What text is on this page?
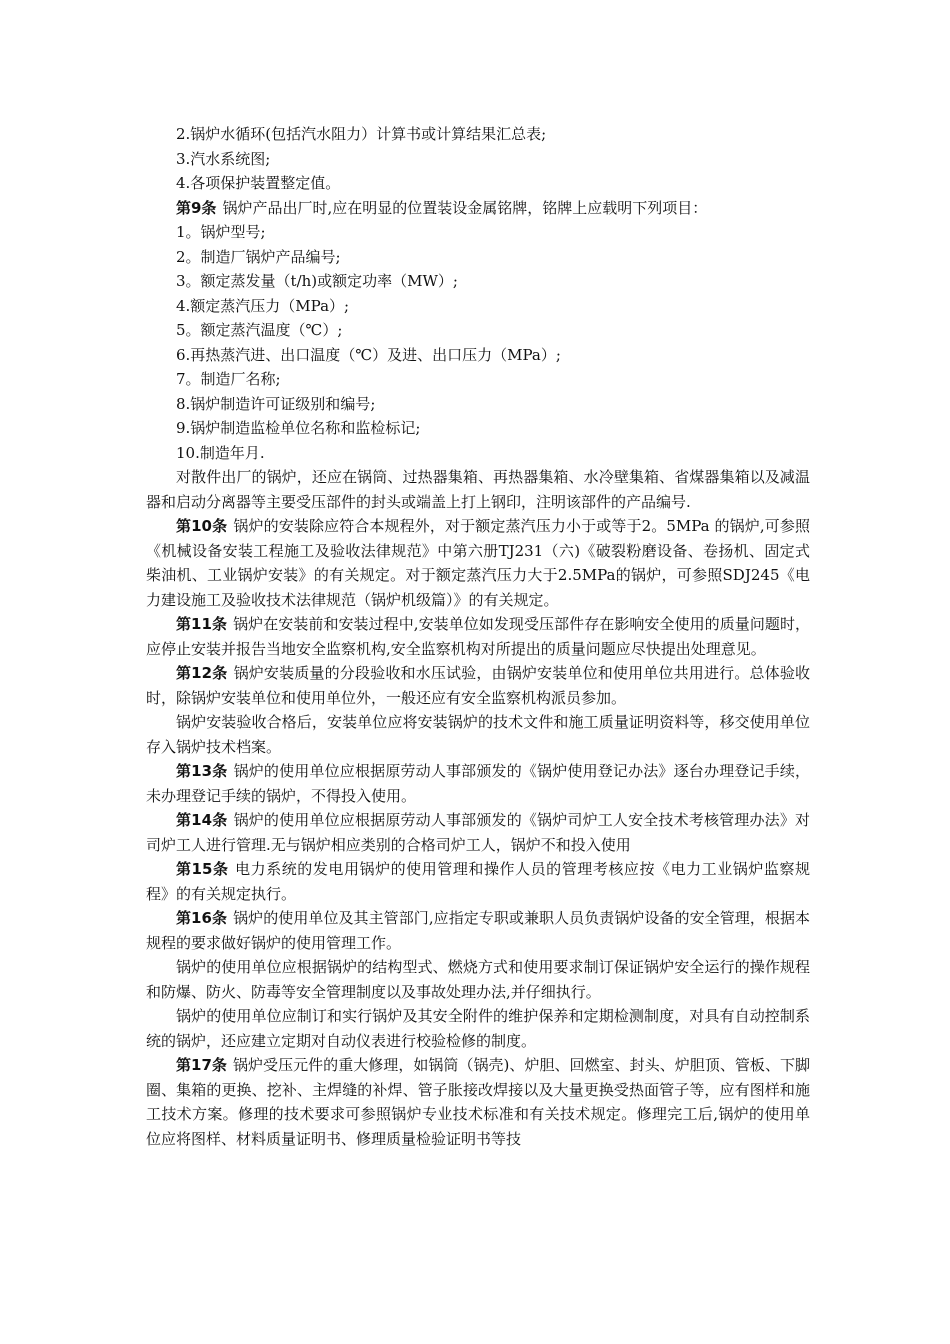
2.锅炉水循环(包括汽水阻力）计算书或计算结果汇总表;

3.汽水系统图;

4.各项保护装置整定值。

第9条 锅炉产品出厂时,应在明显的位置装设金属铭牌，铭牌上应载明下列项目：

1。锅炉型号;

2。制造厂锅炉产品编号;

3。额定蒸发量（t/h)或额定功率（MW）;

4.额定蒸汽压力（MPa）;

5。额定蒸汽温度（℃）;

6.再热蒸汽进、出口温度（℃）及进、出口压力（MPa）;

7。制造厂名称;

8.锅炉制造许可证级别和编号;

9.锅炉制造监检单位名称和监检标记;

10.制造年月.

对散件出厂的锅炉，还应在锅筒、过热器集箱、再热器集箱、水冷壁集箱、省煤器集箱以及减温器和启动分离器等主要受压部件的封头或端盖上打上钢印，注明该部件的产品编号.

第10条 锅炉的安装除应符合本规程外，对于额定蒸汽压力小于或等于2。5MPa 的锅炉,可参照《机械设备安装工程施工及验收法律规范》中第六册TJ231（六)《破裂粉磨设备、卷扬机、固定式柴油机、工业锅炉安装》的有关规定。对于额定蒸汽压力大于2.5MPa的锅炉，可参照SDJ245《电力建设施工及验收技术法律规范（锅炉机级篇）》的有关规定。

第11条 锅炉在安装前和安装过程中,安装单位如发现受压部件存在影响安全使用的质量问题时，应停止安装并报告当地安全监察机构,安全监察机构对所提出的质量问题应尽快提出处理意见。

第12条 锅炉安装质量的分段验收和水压试验，由锅炉安装单位和使用单位共用进行。总体验收时，除锅炉安装单位和使用单位外，一般还应有安全监察机构派员参加。

锅炉安装验收合格后，安装单位应将安装锅炉的技术文件和施工质量证明资料等，移交使用单位存入锅炉技术档案。

第13条 锅炉的使用单位应根据原劳动人事部颁发的《锅炉使用登记办法》逐台办理登记手续，未办理登记手续的锅炉，不得投入使用。

第14条 锅炉的使用单位应根据原劳动人事部颁发的《锅炉司炉工人安全技术考核管理办法》对司炉工人进行管理.无与锅炉相应类别的合格司炉工人，锅炉不和投入使用

第15条 电力系统的发电用锅炉的使用管理和操作人员的管理考核应按《电力工业锅炉监察规程》的有关规定执行。

第16条 锅炉的使用单位及其主管部门,应指定专职或兼职人员负责锅炉设备的安全管理，根据本规程的要求做好锅炉的使用管理工作。

锅炉的使用单位应根据锅炉的结构型式、燃烧方式和使用要求制订保证锅炉安全运行的操作规程和防爆、防火、防毒等安全管理制度以及事故处理办法,并仔细执行。

锅炉的使用单位应制订和实行锅炉及其安全附件的维护保养和定期检测制度，对具有自动控制系统的锅炉，还应建立定期对自动仪表进行校验检修的制度。

第17条 锅炉受压元件的重大修理，如锅筒（锅壳)、炉胆、回燃室、封头、炉胆顶、管板、下脚圈、集箱的更换、挖补、主焊缝的补焊、管子胀接改焊接以及大量更换受热面管子等，应有图样和施工技术方案。修理的技术要求可参照锅炉专业技术标准和有关技术规定。修理完工后,锅炉的使用单位应将图样、材料质量证明书、修理质量检验证明书等技
